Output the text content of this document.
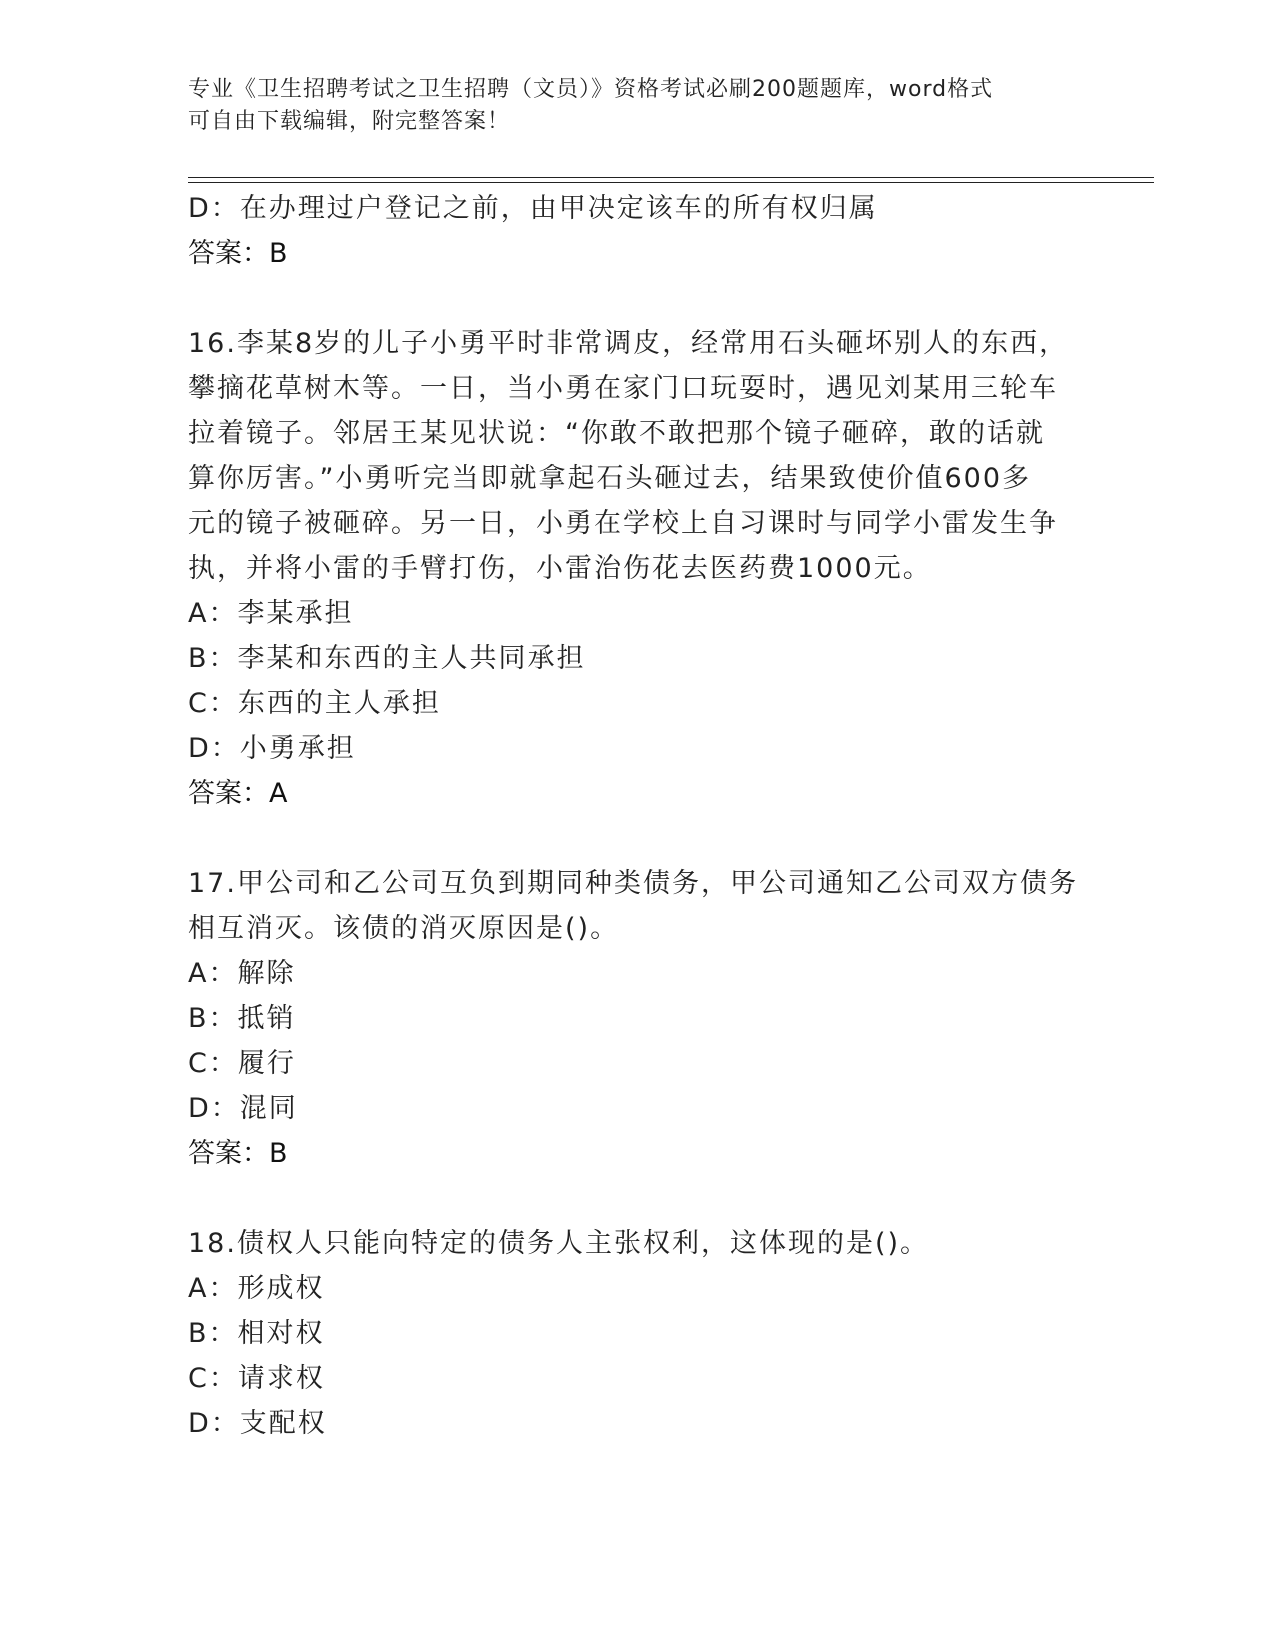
专业《卫生招聘考试之卫生招聘（文员）》资格考试必刷200题题库，word格式
可自由下载编辑，附完整答案！
D：在办理过户登记之前，由甲决定该车的所有权归属
答案：B
16.李某8岁的儿子小勇平时非常调皮，经常用石头砸坏别人的东西，
攀摘花草树木等。一日，当小勇在家门口玩耍时，遇见刘某用三轮车
拉着镜子。邻居王某见状说：“你敢不敢把那个镜子砸碎，敢的话就
算你厉害。”小勇听完当即就拿起石头砸过去，结果致使价值600多
元的镜子被砸碎。另一日，小勇在学校上自习课时与同学小雷发生争
执，并将小雷的手臂打伤，小雷治伤花去医药费1000元。
A：李某承担
B：李某和东西的主人共同承担
C：东西的主人承担
D：小勇承担
答案：A
17.甲公司和乙公司互负到期同种类债务，甲公司通知乙公司双方债务
相互消灭。该债的消灭原因是()。
A：解除
B：抵销
C：履行
D：混同
答案：B
18.债权人只能向特定的债务人主张权利，这体现的是()。
A：形成权
B：相对权
C：请求权
D：支配权
